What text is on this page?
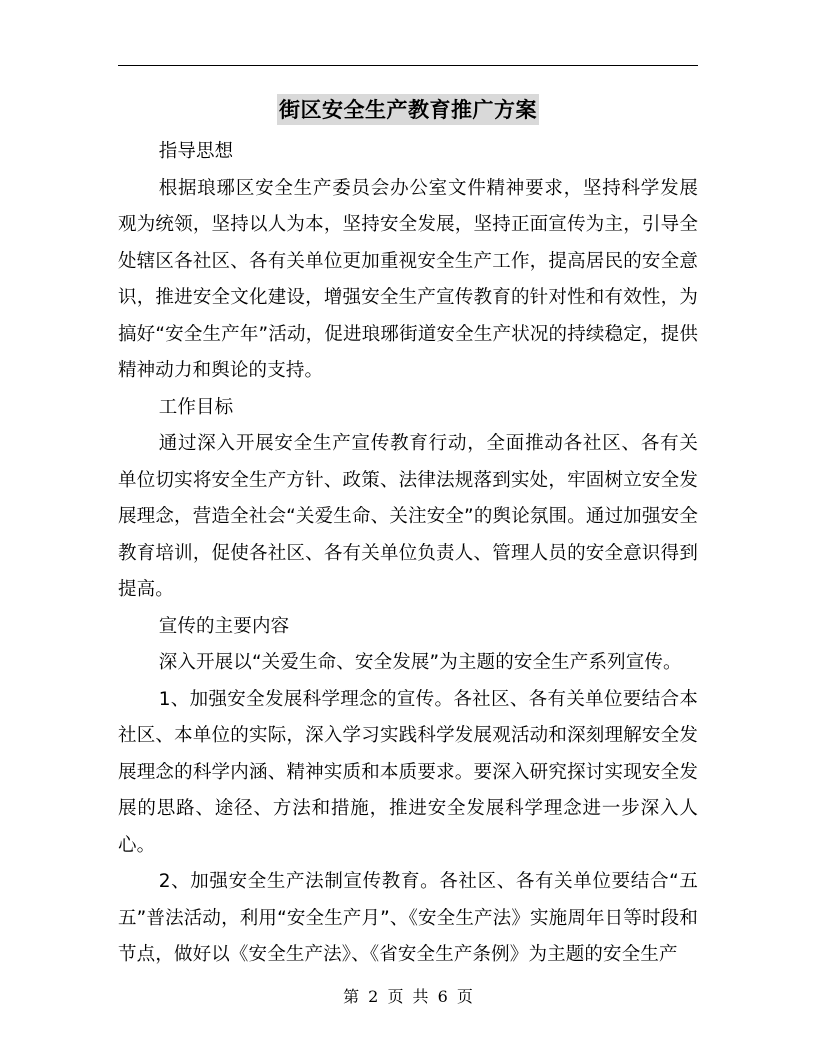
街区安全生产教育推广方案

指导思想

根据琅琊区安全生产委员会办公室文件精神要求，坚持科学发展观为统领，坚持以人为本，坚持安全发展，坚持正面宣传为主，引导全处辖区各社区、各有关单位更加重视安全生产工作，提高居民的安全意识，推进安全文化建设，增强安全生产宣传教育的针对性和有效性，为搞好“安全生产年”活动，促进琅琊街道安全生产状况的持续稳定，提供精神动力和舆论的支持。

工作目标

通过深入开展安全生产宣传教育行动，全面推动各社区、各有关单位切实将安全生产方针、政策、法律法规落到实处，牢固树立安全发展理念，营造全社会“关爱生命、关注安全”的舆论氛围。通过加强安全教育培训，促使各社区、各有关单位负责人、管理人员的安全意识得到提高。

宣传的主要内容

深入开展以“关爱生命、安全发展”为主题的安全生产系列宣传。

1、加强安全发展科学理念的宣传。各社区、各有关单位要结合本社区、本单位的实际，深入学习实践科学发展观活动和深刻理解安全发展理念的科学内涵、精神实质和本质要求。要深入研究探讨实现安全发展的思路、途径、方法和措施，推进安全发展科学理念进一步深入人心。

2、加强安全生产法制宣传教育。各社区、各有关单位要结合“五五”普法活动，利用“安全生产月”、《安全生产法》实施周年日等时段和节点，做好以《安全生产法》、《省安全生产条例》为主题的安全生产

第 2 页 共 6 页
